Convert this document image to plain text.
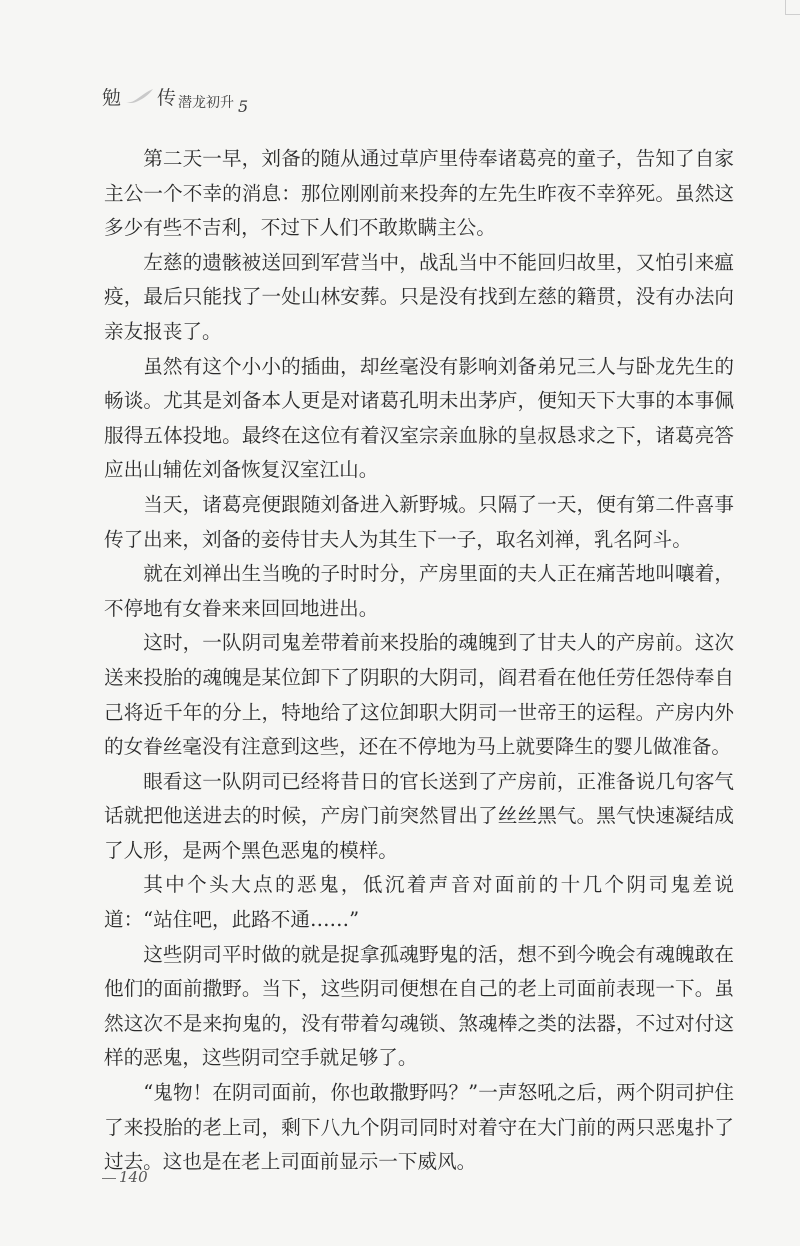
勉 传 潜龙初升 5

第二天一早，刘备的随从通过草庐里侍奉诸葛亮的童子，告知了自家主公一个不幸的消息：那位刚刚前来投奔的左先生昨夜不幸猝死。虽然这多少有些不吉利，不过下人们不敢欺瞒主公。

左慈的遗骸被送回到军营当中，战乱当中不能回归故里，又怕引来瘟疫，最后只能找了一处山林安葬。只是没有找到左慈的籍贯，没有办法向亲友报丧了。

虽然有这个小小的插曲，却丝毫没有影响刘备弟兄三人与卧龙先生的畅谈。尤其是刘备本人更是对诸葛孔明未出茅庐，便知天下大事的本事佩服得五体投地。最终在这位有着汉室宗亲血脉的皇叔恳求之下，诸葛亮答应出山辅佐刘备恢复汉室江山。

当天，诸葛亮便跟随刘备进入新野城。只隔了一天，便有第二件喜事传了出来，刘备的妾侍甘夫人为其生下一子，取名刘禅，乳名阿斗。

就在刘禅出生当晚的子时时分，产房里面的夫人正在痛苦地叫嚷着，不停地有女眷来来回回地进出。

这时，一队阴司鬼差带着前来投胎的魂魄到了甘夫人的产房前。这次送来投胎的魂魄是某位卸下了阴职的大阴司，阎君看在他任劳任怨侍奉自己将近千年的分上，特地给了这位卸职大阴司一世帝王的运程。产房内外的女眷丝毫没有注意到这些，还在不停地为马上就要降生的婴儿做准备。

眼看这一队阴司已经将昔日的官长送到了产房前，正准备说几句客气话就把他送进去的时候，产房门前突然冒出了丝丝黑气。黑气快速凝结成了人形，是两个黑色恶鬼的模样。

其中个头大点的恶鬼，低沉着声音对面前的十几个阴司鬼差说道：“站住吧，此路不通……”

这些阴司平时做的就是捉拿孤魂野鬼的活，想不到今晚会有魂魄敢在他们的面前撒野。当下，这些阴司便想在自己的老上司面前表现一下。虽然这次不是来拘鬼的，没有带着勾魂锁、煞魂棒之类的法器，不过对付这样的恶鬼，这些阴司空手就足够了。

“鬼物！在阴司面前，你也敢撒野吗？”一声怒吼之后，两个阴司护住了来投胎的老上司，剩下八九个阴司同时对着守在大门前的两只恶鬼扑了过去。这也是在老上司面前显示一下威风。

140
